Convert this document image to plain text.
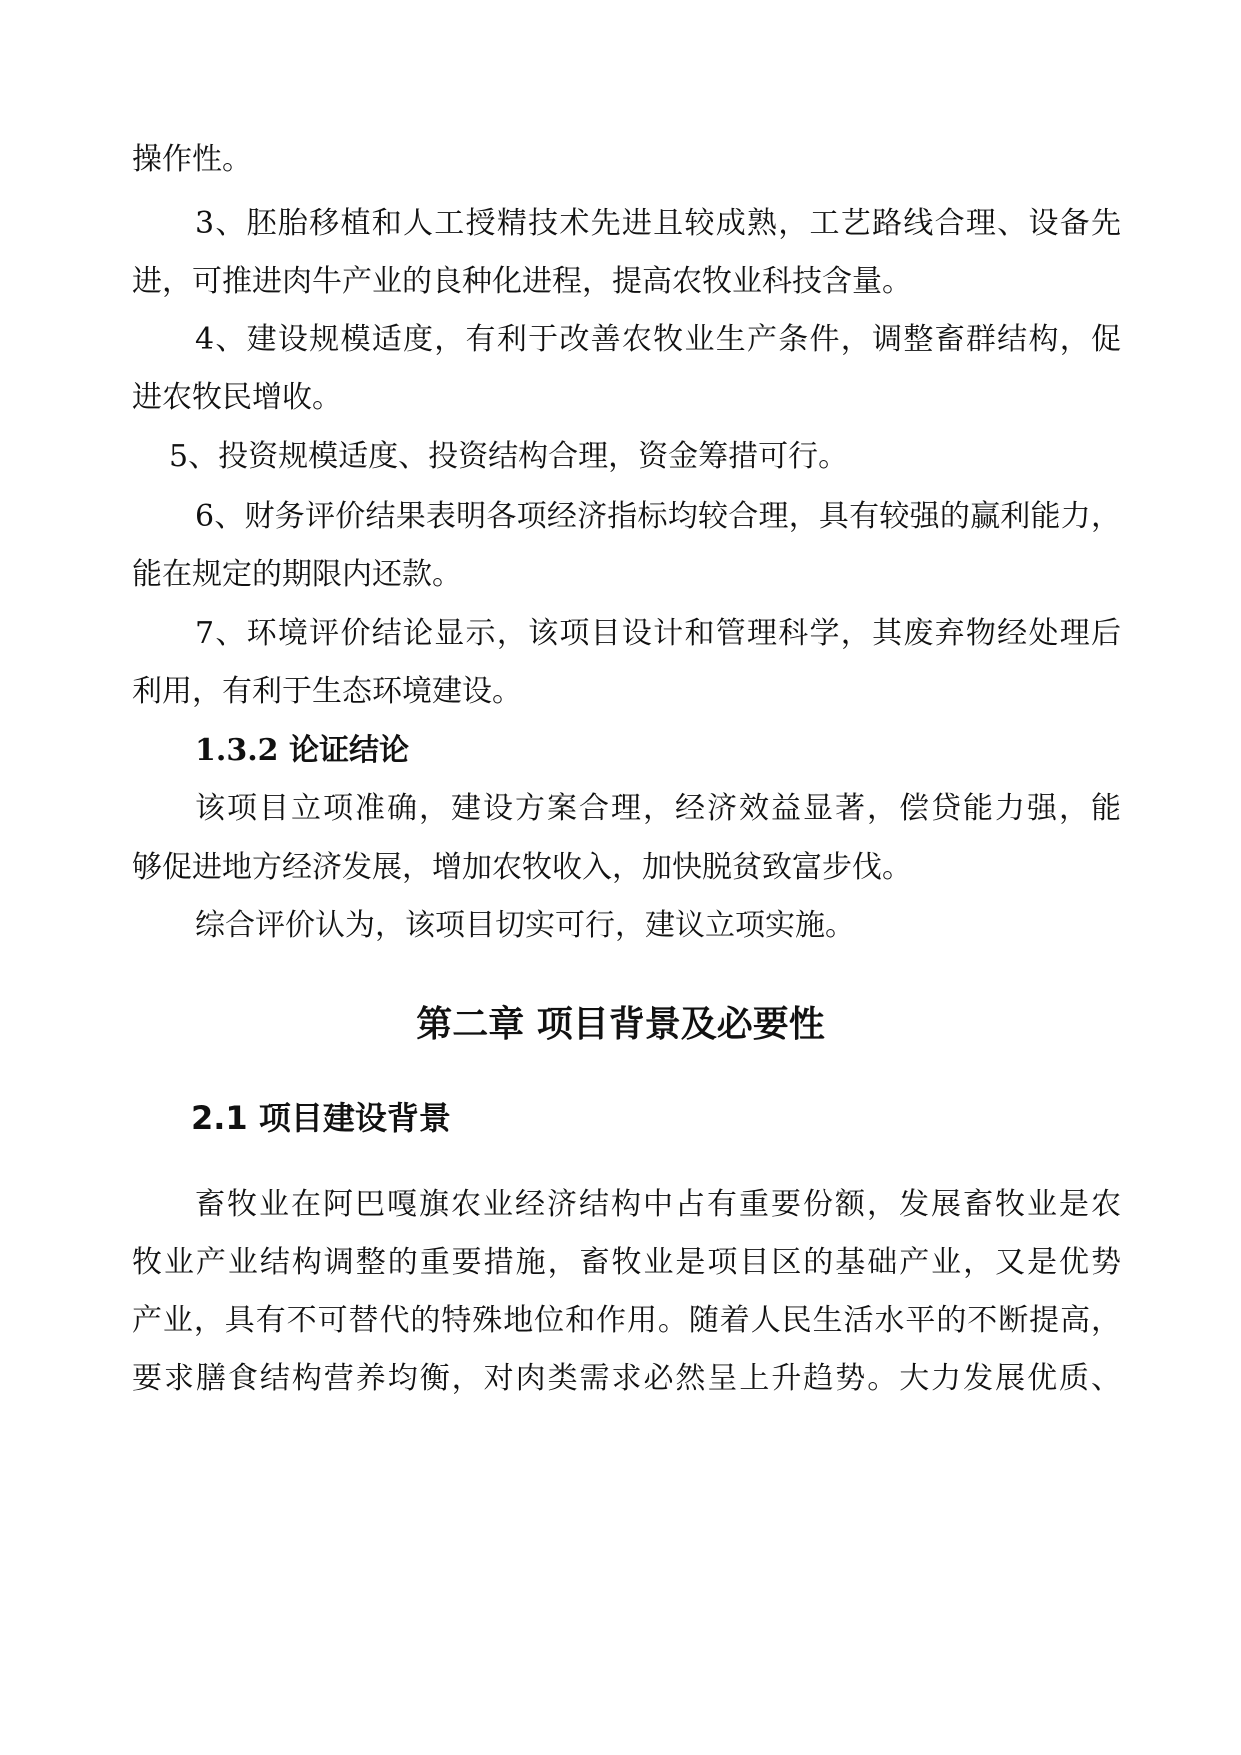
操作性。
3、胚胎移植和人工授精技术先进且较成熟，工艺路线合理、设备先
进，可推进肉牛产业的良种化进程，提高农牧业科技含量。
4、建设规模适度，有利于改善农牧业生产条件，调整畜群结构，促
进农牧民增收。
5、投资规模适度、投资结构合理，资金筹措可行。
6、财务评价结果表明各项经济指标均较合理，具有较强的赢利能力，
能在规定的期限内还款。
7、环境评价结论显示，该项目设计和管理科学，其废弃物经处理后
利用，有利于生态环境建设。
1.3.2 论证结论
该项目立项准确，建设方案合理，经济效益显著，偿贷能力强，能
够促进地方经济发展，增加农牧收入，加快脱贫致富步伐。
综合评价认为，该项目切实可行，建议立项实施。
第二章 项目背景及必要性
2.1 项目建设背景
畜牧业在阿巴嘎旗农业经济结构中占有重要份额，发展畜牧业是农
牧业产业结构调整的重要措施，畜牧业是项目区的基础产业，又是优势
产业，具有不可替代的特殊地位和作用。随着人民生活水平的不断提高，
要求膳食结构营养均衡，对肉类需求必然呈上升趋势。大力发展优质、
